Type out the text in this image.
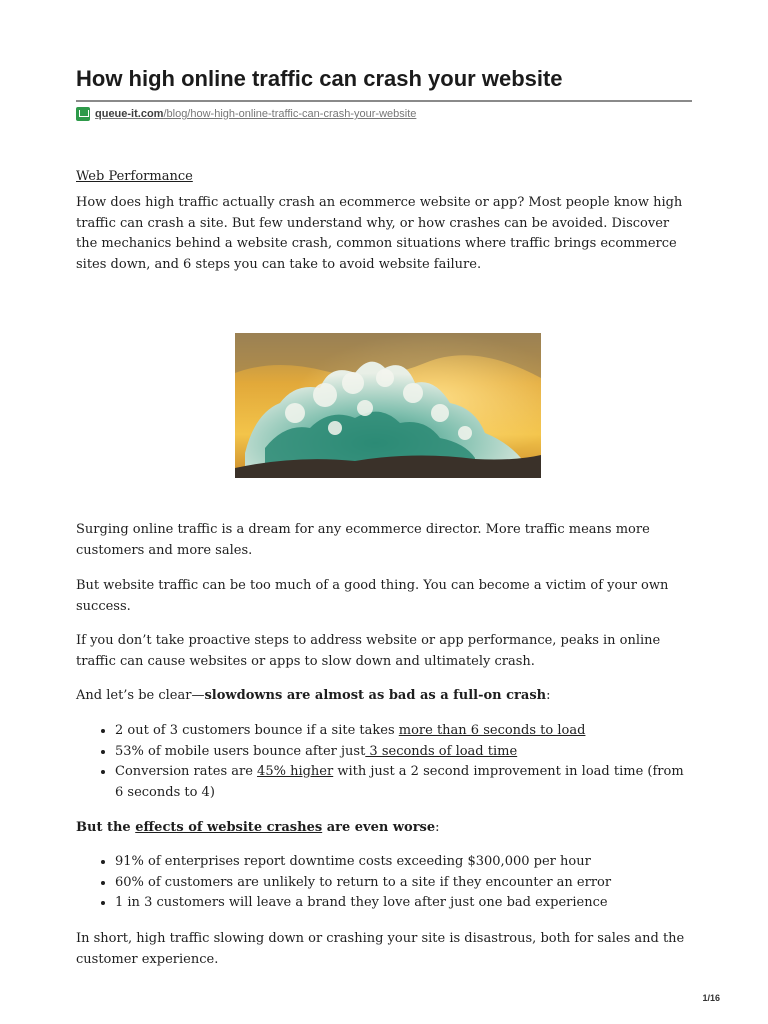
How high online traffic can crash your website
queue-it.com/blog/how-high-online-traffic-can-crash-your-website

Web Performance

How does high traffic actually crash an ecommerce website or app? Most people know high traffic can crash a site. But few understand why, or how crashes can be avoided. Discover the mechanics behind a website crash, common situations where traffic brings ecommerce sites down, and 6 steps you can take to avoid website failure.

Surging online traffic is a dream for any ecommerce director. More traffic means more customers and more sales.

But website traffic can be too much of a good thing. You can become a victim of your own success.

If you don’t take proactive steps to address website or app performance, peaks in online traffic can cause websites or apps to slow down and ultimately crash.

And let’s be clear—slowdowns are almost as bad as a full-on crash:

• 2 out of 3 customers bounce if a site takes more than 6 seconds to load
• 53% of mobile users bounce after just 3 seconds of load time
• Conversion rates are 45% higher with just a 2 second improvement in load time (from 6 seconds to 4)

But the effects of website crashes are even worse:

• 91% of enterprises report downtime costs exceeding $300,000 per hour
• 60% of customers are unlikely to return to a site if they encounter an error
• 1 in 3 customers will leave a brand they love after just one bad experience

In short, high traffic slowing down or crashing your site is disastrous, both for sales and the customer experience.

1/16
